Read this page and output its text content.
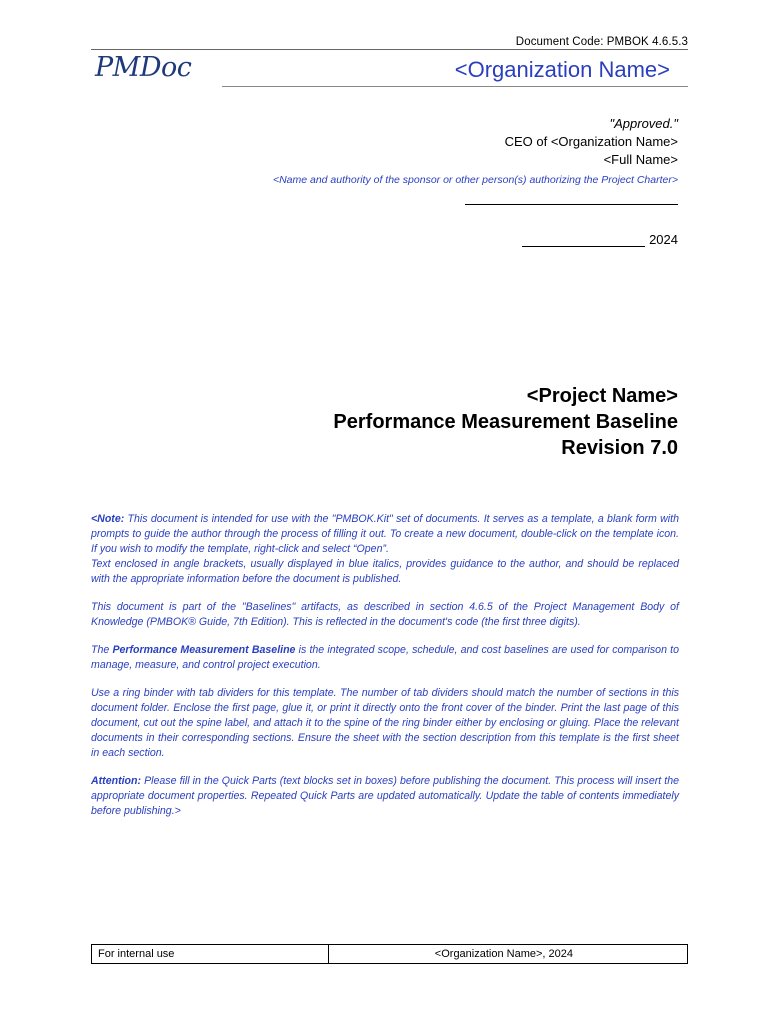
Document Code: PMBOK 4.6.5.3
PMDoc	<Organization Name>
"Approved."
CEO of <Organization Name>
<Full Name>
<Name and authority of the sponsor or other person(s) authorizing the Project Charter>
2024
<Project Name>
Performance Measurement Baseline
Revision 7.0

<Note: This document is intended for use with the "PMBOK.Kit" set of documents. It serves as a template, a blank form with prompts to guide the author through the process of filling it out. To create a new document, double-click on the template icon. If you wish to modify the template, right-click and select “Open”.

Text enclosed in angle brackets, usually displayed in blue italics, provides guidance to the author, and should be replaced with the appropriate information before the document is published.

This document is part of the "Baselines" artifacts, as described in section 4.6.5 of the Project Management Body of Knowledge (PMBOK® Guide, 7th Edition). This is reflected in the document's code (the first three digits).

The Performance Measurement Baseline is the integrated scope, schedule, and cost baselines are used for comparison to manage, measure, and control project execution.

Use a ring binder with tab dividers for this template. The number of tab dividers should match the number of sections in this document folder. Enclose the first page, glue it, or print it directly onto the front cover of the binder. Print the last page of this document, cut out the spine label, and attach it to the spine of the ring binder either by enclosing or gluing. Place the relevant documents in their corresponding sections. Ensure the sheet with the section description from this template is the first sheet in each section.

Attention: Please fill in the Quick Parts (text blocks set in boxes) before publishing the document. This process will insert the appropriate document properties. Repeated Quick Parts are updated automatically. Update the table of contents immediately before publishing.>

For internal use	<Organization Name>, 2024
